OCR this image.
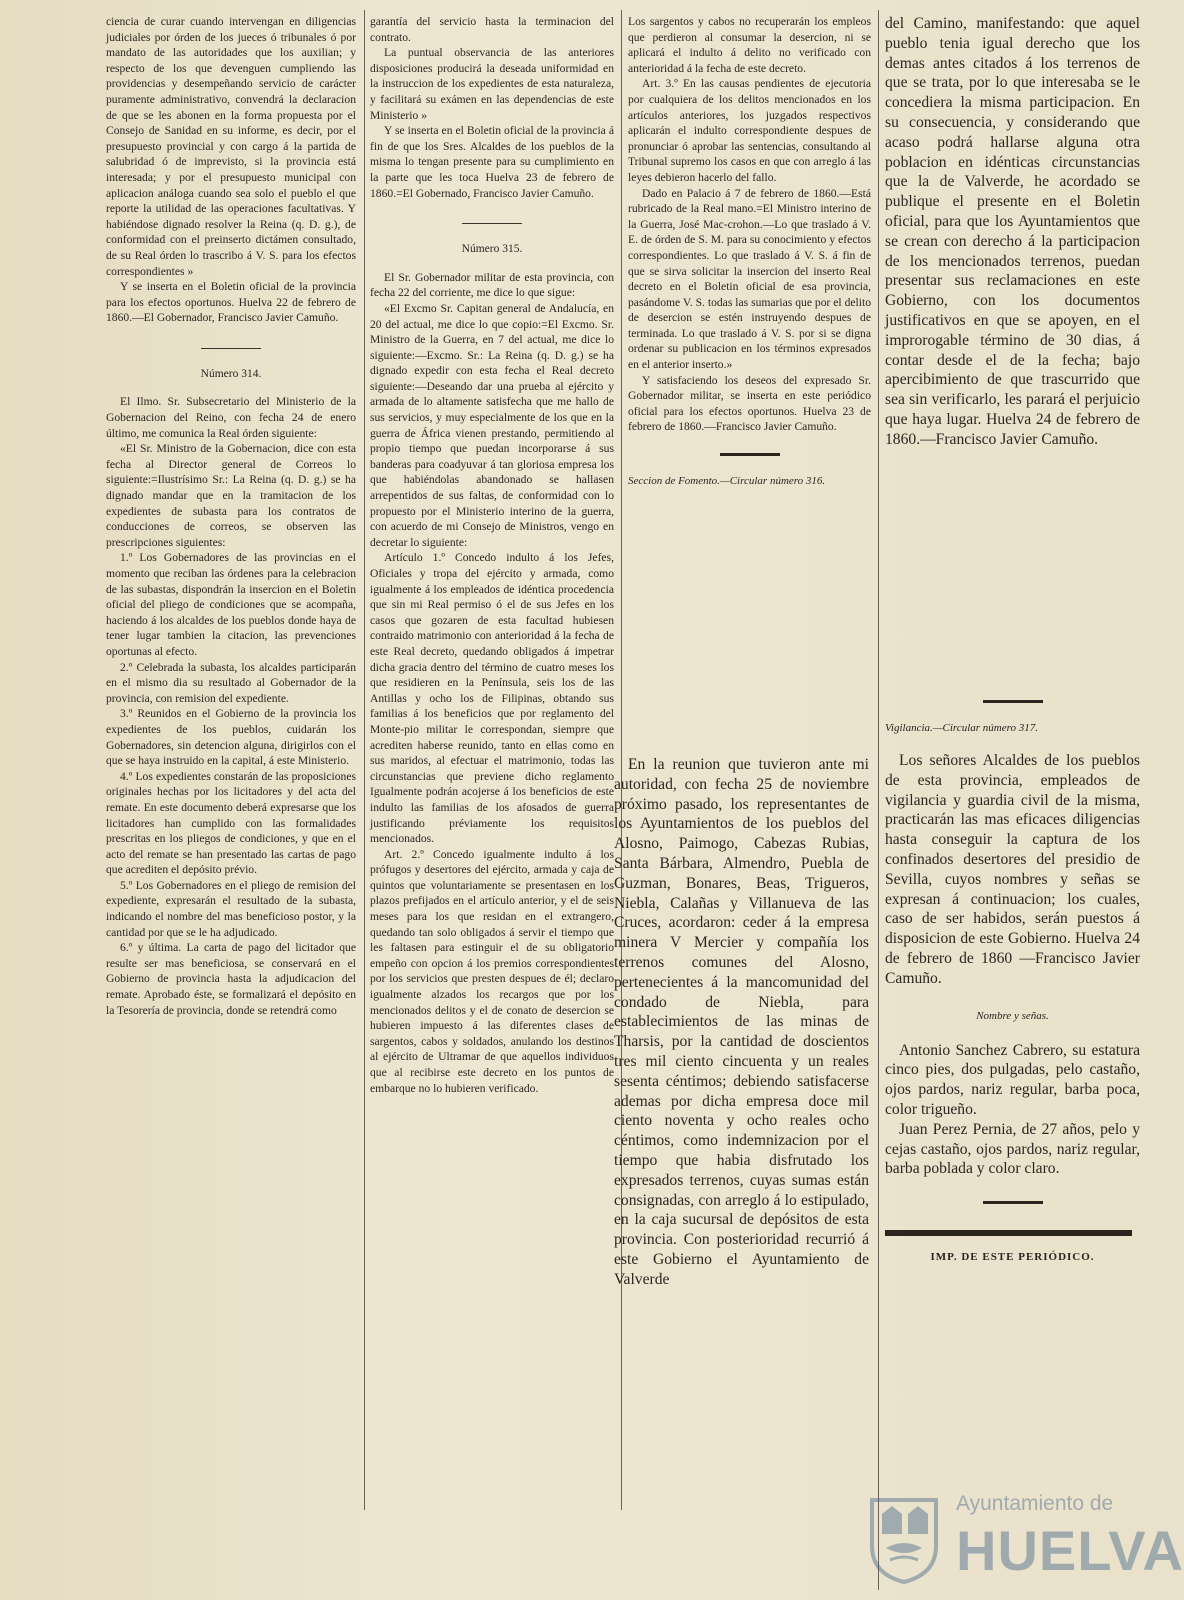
ciencia de curar cuando intervengan en diligencias judiciales por órden de los jueces ó tribunales ó por mandato de las autoridades que los auxilian; y respecto de los que devenguen cumpliendo las providencias y desempeñando servicio de carácter puramente administrativo, convendrá la declaracion de que se les abonen en la forma propuesta por el Consejo de Sanidad en su informe, es decir, por el presupuesto provincial y con cargo á la partida de salubridad ó de imprevisto, si la provincia está interesada; y por el presupuesto municipal con aplicacion análoga cuando sea solo el pueblo el que reporte la utilidad de las operaciones facultativas. Y habiéndose dignado resolver la Reina (q. D. g.), de conformidad con el preinserto dictámen consultado, de su Real órden lo trascribo á V. S. para los efectos correspondientes »

Y se inserta en el Boletin oficial de la provincia para los efectos oportunos. Huelva 22 de febrero de 1860.—El Gobernador, Francisco Javier Camuño.

Número 314.

El Ilmo. Sr. Subsecretario del Ministerio de la Gobernacion del Reino, con fecha 24 de enero último, me comunica la Real órden siguiente:

«El Sr. Ministro de la Gobernacion, dice con esta fecha al Director general de Correos lo siguiente:=Ilustrísimo Sr.: La Reina (q. D. g.) se ha dignado mandar que en la tramitacion de los expedientes de subasta para los contratos de conducciones de correos, se observen las prescripciones siguientes:

1.º Los Gobernadores de las provincias en el momento que reciban las órdenes para la celebracion de las subastas, dispondrán la insercion en el Boletin oficial del pliego de condiciones que se acompaña, haciendo á los alcaldes de los pueblos donde haya de tener lugar tambien la citacion, las prevenciones oportunas al efecto.

2.º Celebrada la subasta, los alcaldes participarán en el mismo dia su resultado al Gobernador de la provincia, con remision del expediente.

3.º Reunidos en el Gobierno de la provincia los expedientes de los pueblos, cuidarán los Gobernadores, sin detencion alguna, dirigirlos con el que se haya instruido en la capital, á este Ministerio.

4.º Los expedientes constarán de las proposiciones originales hechas por los licitadores y del acta del remate. En este documento deberá expresarse que los licitadores han cumplido con las formalidades prescritas en los pliegos de condiciones, y que en el acto del remate se han presentado las cartas de pago que acrediten el depósito prévio.

5.º Los Gobernadores en el pliego de remision del expediente, expresarán el resultado de la subasta, indicando el nombre del mas beneficioso postor, y la cantidad por que se le ha adjudicado.

6.º y última. La carta de pago del licitador que resulte ser mas beneficiosa, se conservará en el Gobierno de provincia hasta la adjudicacion del remate. Aprobado éste, se formalizará el depósito en la Tesorería de provincia, donde se retendrá como

garantía del servicio hasta la terminacion del contrato.

La puntual observancia de las anteriores disposiciones producirá la deseada uniformidad en la instruccion de los expedientes de esta naturaleza, y facilitará su exámen en las dependencias de este Ministerio »

Y se inserta en el Boletin oficial de la provincia á fin de que los Sres. Alcaldes de los pueblos de la misma lo tengan presente para su cumplimiento en la parte que les toca Huelva 23 de febrero de 1860.=El Gobernado, Francisco Javier Camuño.

Número 315.

El Sr. Gobernador militar de esta provincia, con fecha 22 del corriente, me dice lo que sigue:

«El Excmo Sr. Capitan general de Andalucía, en 20 del actual, me dice lo que copio:=El Excmo. Sr. Ministro de la Guerra, en 7 del actual, me dice lo siguiente:—Excmo. Sr.: La Reina (q. D. g.) se ha dignado expedir con esta fecha el Real decreto siguiente:—Deseando dar una prueba al ejército y armada de lo altamente satisfecha que me hallo de sus servicios, y muy especialmente de los que en la guerra de África vienen prestando, permitiendo al propio tiempo que puedan incorporarse á sus banderas para coadyuvar á tan gloriosa empresa los que habiéndolas abandonado se hallasen arrepentidos de sus faltas, de conformidad con lo propuesto por el Ministerio interino de la guerra, con acuerdo de mi Consejo de Ministros, vengo en decretar lo siguiente:

Artículo 1.º Concedo indulto á los Jefes, Oficiales y tropa del ejército y armada, como igualmente á los empleados de idéntica procedencia que sin mi Real permiso ó el de sus Jefes en los casos que gozaren de esta facultad hubiesen contraido matrimonio con anterioridad á la fecha de este Real decreto, quedando obligados á impetrar dicha gracia dentro del término de cuatro meses los que residieren en la Península, seis los de las Antillas y ocho los de Filipinas, obtando sus familias á los beneficios que por reglamento del Monte-pio militar le correspondan, siempre que acrediten haberse reunido, tanto en ellas como en sus maridos, al efectuar el matrimonio, todas las circunstancias que previene dicho reglamento Igualmente podrán acojerse á los beneficios de este indulto las familias de los afosados de guerra justificando préviamente los requisitos mencionados.

Art. 2.º Concedo igualmente indulto á los prófugos y desertores del ejército, armada y caja de quintos que voluntariamente se presentasen en los plazos prefijados en el artículo anterior, y el de seis meses para los que residan en el extrangero, quedando tan solo obligados á servir el tiempo que les faltasen para estinguir el de su obligatorio empeño con opcion á los premios correspondientes por los servicios que presten despues de él; declaro igualmente alzados los recargos que por los mencionados delitos y el de conato de desercion se hubieren impuesto á las diferentes clases de sargentos, cabos y soldados, anulando los destinos al ejército de Ultramar de que aquellos individuos que al recibirse este decreto en los puntos de embarque no lo hubieren verificado.

Los sargentos y cabos no recuperarán los empleos que perdieron al consumar la desercion, ni se aplicará el indulto á delito no verificado con anterioridad á la fecha de este decreto.

Art. 3.º En las causas pendientes de ejecutoria por cualquiera de los delitos mencionados en los artículos anteriores, los juzgados respectivos aplicarán el indulto correspondiente despues de pronunciar ó aprobar las sentencias, consultando al Tribunal supremo los casos en que con arreglo á las leyes debieron hacerlo del fallo.

Dado en Palacio á 7 de febrero de 1860.—Está rubricado de la Real mano.=El Ministro interino de la Guerra, José Mac-crohon.—Lo que traslado á V. E. de órden de S. M. para su conocimiento y efectos correspondientes. Lo que traslado á V. S. á fin de que se sirva solicitar la insercion del inserto Real decreto en el Boletin oficial de esa provincia, pasándome V. S. todas las sumarias que por el delito de desercion se estén instruyendo despues de terminada. Lo que traslado á V. S. por si se digna ordenar su publicacion en los términos expresados en el anterior inserto.»

Y satisfaciendo los deseos del expresado Sr. Gobernador militar, se inserta en este periódico oficial para los efectos oportunos. Huelva 23 de febrero de 1860.—Francisco Javier Camuño.

Seccion de Fomento.—Circular número 316.

En la reunion que tuvieron ante mi autoridad, con fecha 25 de noviembre próximo pasado, los representantes de los Ayuntamientos de los pueblos del Alosno, Paimogo, Cabezas Rubias, Santa Bárbara, Almendro, Puebla de Guzman, Bonares, Beas, Trigueros, Niebla, Calañas y Villanueva de las Cruces, acordaron: ceder á la empresa minera V Mercier y compañía los terrenos comunes del Alosno, pertenecientes á la mancomunidad del condado de Niebla, para establecimientos de las minas de Tharsis, por la cantidad de doscientos tres mil ciento cincuenta y un reales sesenta céntimos; debiendo satisfacerse ademas por dicha empresa doce mil ciento noventa y ocho reales ocho céntimos, como indemnizacion por el tiempo que habia disfrutado los expresados terrenos, cuyas sumas están consignadas, con arreglo á lo estipulado, en la caja sucursal de depósitos de esta provincia. Con posterioridad recurrió á este Gobierno el Ayuntamiento de Valverde

del Camino, manifestando: que aquel pueblo tenia igual derecho que los demas antes citados á los terrenos de que se trata, por lo que interesaba se le concediera la misma participacion. En su consecuencia, y considerando que acaso podrá hallarse alguna otra poblacion en idénticas circunstancias que la de Valverde, he acordado se publique el presente en el Boletin oficial, para que los Ayuntamientos que se crean con derecho á la participacion de los mencionados terrenos, puedan presentar sus reclamaciones en este Gobierno, con los documentos justificativos en que se apoyen, en el improrogable término de 30 dias, á contar desde el de la fecha; bajo apercibimiento de que trascurrido que sea sin verificarlo, les parará el perjuicio que haya lugar. Huelva 24 de febrero de 1860.—Francisco Javier Camuño.

Vigilancia.—Circular número 317.

Los señores Alcaldes de los pueblos de esta provincia, empleados de vigilancia y guardia civil de la misma, practicarán las mas eficaces diligencias hasta conseguir la captura de los confinados desertores del presidio de Sevilla, cuyos nombres y señas se expresan á continuacion; los cuales, caso de ser habidos, serán puestos á disposicion de este Gobierno. Huelva 24 de febrero de 1860 —Francisco Javier Camuño.

Nombre y señas.

Antonio Sanchez Cabrero, su estatura cinco pies, dos pulgadas, pelo castaño, ojos pardos, nariz regular, barba poca, color trigueño.

Juan Perez Pernia, de 27 años, pelo y cejas castaño, ojos pardos, nariz regular, barba poblada y color claro.

IMP. DE ESTE PERIÓDICO.

Ayuntamiento de
HUELVA
